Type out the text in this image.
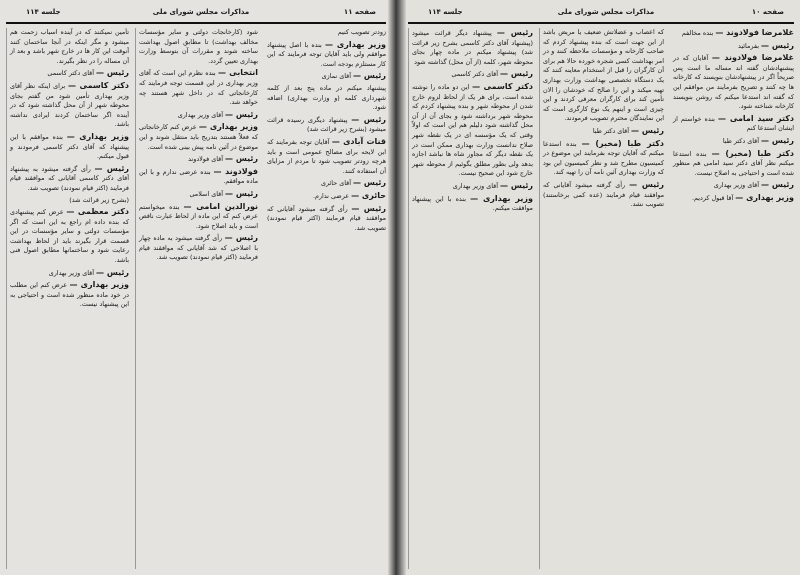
صفحه ۱۱
مذاکرات مجلس شورای ملی
جلسه ۱۱۴
تأمین نمیکنند که در آینده اسباب زحمت هم میشود و مگر اینکه در آنجا ساختمان کنند آنوقت این کار ها در خارج شهر باشد و بعد از آن مساله را در نظر بگیرند.
رئیس — آقای دکتر کاسمی
دکتر کاسمی — برای اینکه نظر آقای وزیر بهداری تأمین شود من گفتم بجای محوطه شهر از آن محل گذاشته شود که در آینده اگر ساختمان کردند ایرادی نداشته باشد.
وزیر بهداری — بنده موافقم با این پیشنهاد که آقای دکتر کاسمی فرمودند و قبول میکنم.
رئیس — رأی گرفته میشود به پیشنهاد آقای دکتر کاسمی آقایانی که موافقند قیام فرمایند (اکثر قیام نمودند) تصویب شد.
(بشرح زیر قرائت شد)
دکتر معظمی — عرض کنم پیشنهادی که بنده داده ام راجع به این است که اگر مؤسسات دولتی و سایر مؤسسات در این قسمت قرار بگیرند باید از لحاظ بهداشت رعایت شود و ساختمانها مطابق اصول فنی باشد.
رئیس — آقای وزیر بهداری
وزیر بهداری — عرض کنم این مطلب در خود ماده منظور شده است و احتیاجی به این پیشنهاد نیست.
شود (کارخانجات دولتی و سایر مؤسسات مخالف بهداشت) تا مطابق اصول بهداشت ساخته شوند و مقررات آن بتوسط وزارت بهداری تعیین گردد.
انتخابی — بنده نظرم این است که آقای وزیر بهداری در این قسمت توجه فرمایند که کارخانجاتی که در داخل شهر هستند چه خواهد شد.
رئیس — آقای وزیر بهداری
وزیر بهداری — عرض کنم کارخانجاتی که فعلاً هستند بتدریج باید منتقل شوند و این موضوع در آئین نامه پیش بینی شده است.
رئیس — آقای فولادوند
فولادوند — بنده عرضی ندارم و با این ماده موافقم.
رئیس — آقای اسلامی
نورالدین امامی — بنده میخواستم عرض کنم که این ماده از لحاظ عبارت ناقص است و باید اصلاح شود.
رئیس — رأی گرفته میشود به ماده چهار با اصلاحی که شد آقایانی که موافقند قیام فرمایند (اکثر قیام نمودند) تصویب شد.
زودتر تصویب کنیم
وزیر بهداری — بنده با اصل پیشنهاد موافقم ولی باید آقایان توجه فرمایند که این کار مستلزم بودجه است.
رئیس — آقای نمازی
پیشنهاد میکنم در ماده پنج بعد از کلمه شهرداری کلمه (و وزارت بهداری) اضافه شود.
رئیس — پیشنهاد دیگری رسیده قرائت میشود (بشرح زیر قرائت شد)
قنات آبادی — آقایان توجه بفرمایند که این لایحه برای مصالح عمومی است و باید هرچه زودتر تصویب شود تا مردم از مزایای آن استفاده کنند.
رئیس — آقای حائری
حائری — عرضی ندارم.
رئیس — رأی گرفته میشود آقایانی که موافقند قیام فرمایند (اکثر قیام نمودند) تصویب شد.
صفحه ۱۰
مذاکرات مجلس شورای ملی
جلسه ۱۱۴
رئیس — پیشنهاد دیگر قرائت میشود (پیشنهاد آقای دکتر کاسمی بشرح زیر قرائت شد) پیشنهاد میکنم در ماده چهار بجای محوطه شهر، کلمه (از آن محل) گذاشته شود
رئیس — آقای دکتر کاسمی
دکتر کاسمی — این دو ماده را نوشته شده است، برای هر یک از لحاظ لزوم خارج شدن از محوطه شهر و بنده پیشنهاد کردم که محوطه شهر برداشته شود و بجای آن از آن محل گذاشته شود دلیلم هم این است که اولاً وقتی که یک مؤسسه ای در یک نقطه شهر صلاح ندانست وزارت بهداری ممکن است در یک نقطه دیگر که مجاور شاه ها نباشد اجازه بدهد ولی بطور مطلق بگوئیم از محوطه شهر خارج شود این صحیح نیست.
رئیس — آقای وزیر بهداری
وزیر بهداری — بنده با این پیشنهاد موافقت میکنم.
که اعصاب و عضلاتش ضعیف یا مریض باشد از این جهت است که بنده پیشنهاد کردم که صاحب کارخانه و مؤسسات ملاحظه کنند و در امر بهداشت کسی شجره خورده حالا هم برای آن کارگران را قبل از استخدام معاینه کنند که یک دستگاه تخصصی بهداشت وزارت بهداری تهیه میکند و این را صالح که خودشان را الان تأمین کند برای کارگران معرفی کردند و این چیزی است و اینهم یک نوع کارگری است که این نمایندگان محترم تصویب فرمودند.
رئیس — آقای دکتر طبا
دکتر طبا (مخبر) — بنده استدعا میکنم که آقایان توجه بفرمایند این موضوع در کمیسیون مطرح شد و نظر کمیسیون این بود که وزارت بهداری آئین نامه آن را تهیه کند.
رئیس — رأی گرفته میشود آقایانی که موافقند قیام فرمایند (عده کمی برخاستند) تصویب نشد.
غلامرضا فولادوند — بنده مخالفم
رئیس — بفرمائید
غلامرضا فولادوند — آقایان که در پیشنهادشان گفته اند مساله ما است پس صریحاً اگر در پیشنهادشان بنویسند که کارخانه ها چه کنند و تصریح بفرمایند من موافقم این که گفته اند استدعا میکنم که روشن بنویسند کارخانه شناخته شود.
دکتر سید امامی — بنده خواستم از ایشان استدعا کنم
رئیس — آقای دکتر طبا
دکتر طبا (مخبر) — بنده استدعا میکنم نظر آقای دکتر سید امامی هم منظور شده است و احتیاجی به اصلاح نیست.
رئیس — آقای وزیر بهداری
وزیر بهداری — آقا قبول کردیم.
